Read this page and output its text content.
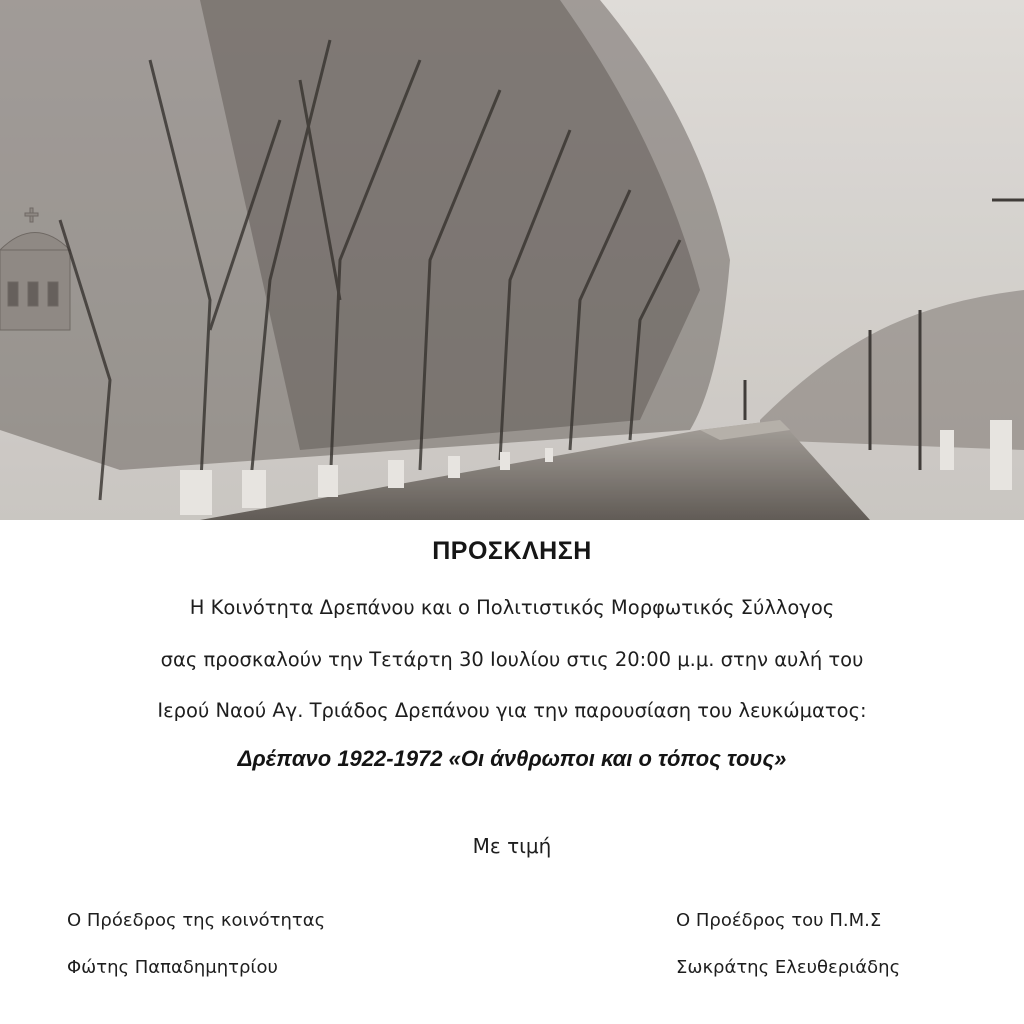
ΠΡΟΣΚΛΗΣΗ
Η Κοινότητα Δρεπάνου και ο Πολιτιστικός Μορφωτικός Σύλλογος
σας προσκαλούν την Τετάρτη 30 Ιουλίου στις 20:00 μ.μ. στην αυλή του
Ιερού Ναού Αγ. Τριάδος Δρεπάνου για την παρουσίαση του λευκώματος:
Δρέπανο 1922-1972 «Οι άνθρωποι και ο τόπος τους»
Με τιμή
Ο Πρόεδρος της κοινότητας
Φώτης Παπαδημητρίου
Ο Προέδρος του Π.Μ.Σ
Σωκράτης Ελευθεριάδης
